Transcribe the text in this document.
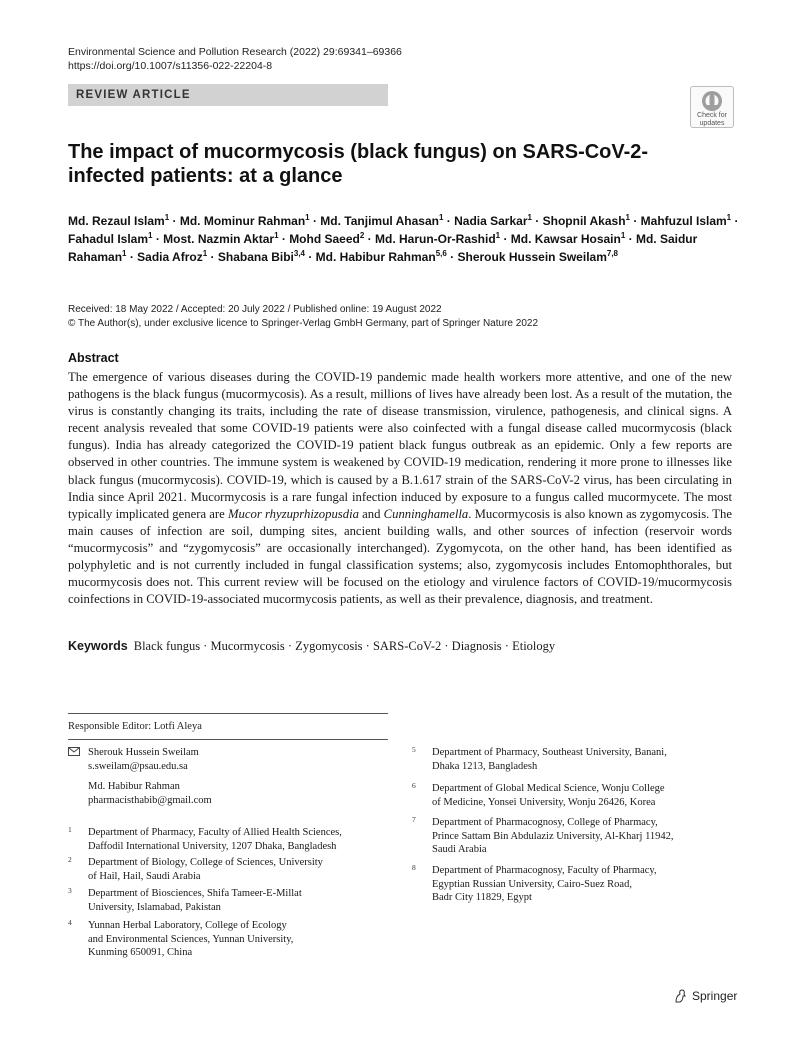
Environmental Science and Pollution Research (2022) 29:69341–69366
https://doi.org/10.1007/s11356-022-22204-8
REVIEW ARTICLE
Check for
updates
The impact of mucormycosis (black fungus) on SARS-CoV-2-infected patients: at a glance
Md. Rezaul Islam$^1$ · Md. Mominur Rahman$^1$ · Md. Tanjimul Ahasan$^1$ · Nadia Sarkar$^1$ · Shopnil Akash$^1$ · Mahfuzul Islam$^1$ · Fahadul Islam$^1$ · Most. Nazmin Aktar$^1$ · Mohd Saeed$^2$ · Md. Harun-Or-Rashid$^1$ · Md. Kawsar Hosain$^1$ · Md. Saidur Rahaman$^1$ · Sadia Afroz$^1$ · Shabana Bibi$^{3,4}$ · Md. Habibur Rahman$^{5,6}$ · Sherouk Hussein Sweilam$^{7,8}$
Received: 18 May 2022 / Accepted: 20 July 2022 / Published online: 19 August 2022
© The Author(s), under exclusive licence to Springer-Verlag GmbH Germany, part of Springer Nature 2022
Abstract

The emergence of various diseases during the COVID-19 pandemic made health workers more attentive, and one of the new pathogens is the black fungus (mucormycosis). As a result, millions of lives have already been lost. As a result of the mutation, the virus is constantly changing its traits, including the rate of disease transmission, virulence, pathogenesis, and clinical signs. A recent analysis revealed that some COVID-19 patients were also coinfected with a fungal disease called mucormycosis (black fungus). India has already categorized the COVID-19 patient black fungus outbreak as an epidemic. Only a few reports are observed in other countries. The immune system is weakened by COVID-19 medication, rendering it more prone to illnesses like black fungus (mucormycosis). COVID-19, which is caused by a B.1.617 strain of the SARS-CoV-2 virus, has been circulating in India since April 2021. Mucormycosis is a rare fungal infection induced by exposure to a fungus called mucormycete. The most typically implicated genera are Mucor rhyzuprhizopusdia and Cunninghamella. Mucormycosis is also known as zygomycosis. The main causes of infection are soil, dumping sites, ancient building walls, and other sources of infection (reservoir words “mucormycosis” and “zygomycosis” are occasionally interchanged). Zygomycota, on the other hand, has been identified as polyphyletic and is not currently included in fungal classification systems; also, zygomycosis includes Entomophthorales, but mucormycosis does not. This current review will be focused on the etiology and virulence factors of COVID-19/mucormycosis coinfections in COVID-19-associated mucormycosis patients, as well as their prevalence, diagnosis, and treatment.

Keywords Black fungus · Mucormycosis · Zygomycosis · SARS-CoV-2 · Diagnosis · Etiology
Responsible Editor: Lotfi Aleya
Sherouk Hussein Sweilam
s.sweilam@psau.edu.sa
Md. Habibur Rahman
pharmacisthabib@gmail.com
1 Department of Pharmacy, Faculty of Allied Health Sciences,
Daffodil International University, 1207 Dhaka, Bangladesh
2 Department of Biology, College of Sciences, University
of Hail, Hail, Saudi Arabia
3 Department of Biosciences, Shifa Tameer-E-Millat
University, Islamabad, Pakistan
4 Yunnan Herbal Laboratory, College of Ecology
and Environmental Sciences, Yunnan University,
Kunming 650091, China
5 Department of Pharmacy, Southeast University, Banani,
Dhaka 1213, Bangladesh
6 Department of Global Medical Science, Wonju College
of Medicine, Yonsei University, Wonju 26426, Korea
7 Department of Pharmacognosy, College of Pharmacy,
Prince Sattam Bin Abdulaziz University, Al-Kharj 11942,
Saudi Arabia
8 Department of Pharmacognosy, Faculty of Pharmacy,
Egyptian Russian University, Cairo-Suez Road,
Badr City 11829, Egypt
Springer
